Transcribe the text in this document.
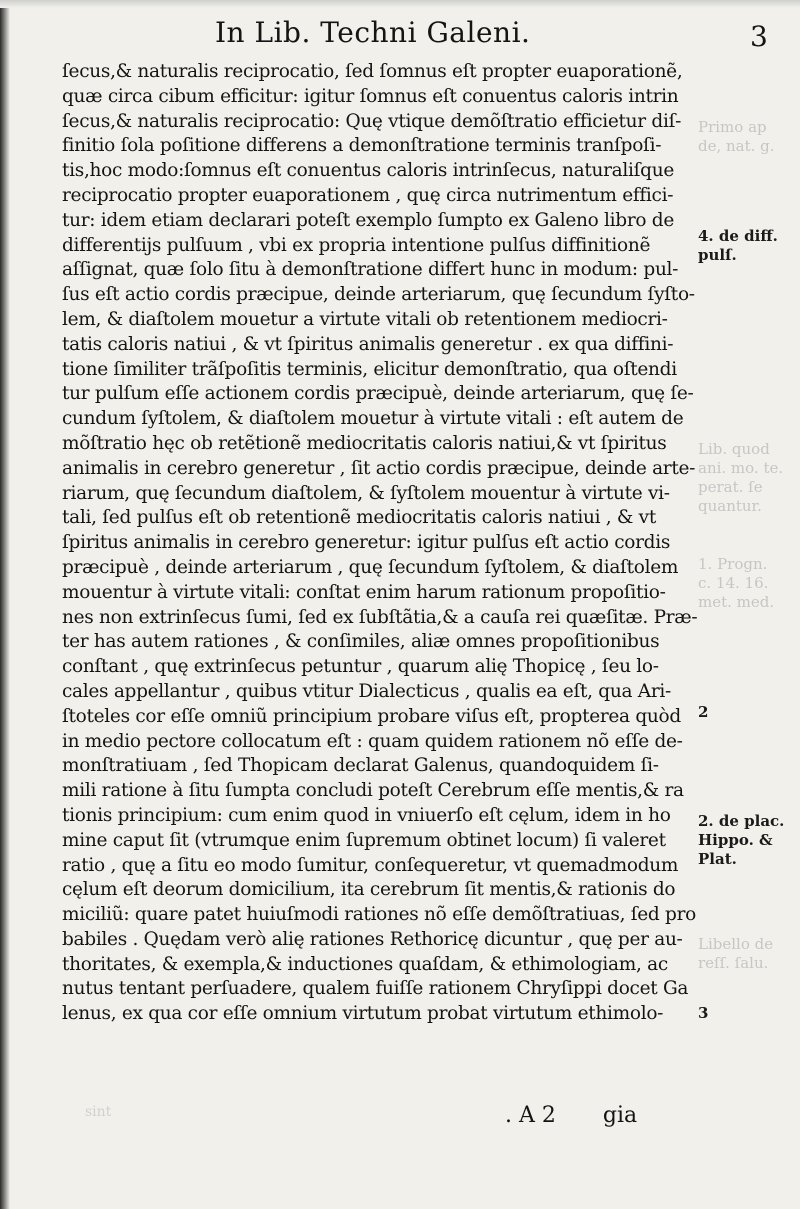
In Lib. Techni Galeni.	3
ſecus,& naturalis reciprocatio, ſed ſomnus eſt propter euaporationẽ,
quæ circa cibum efficitur: igitur ſomnus eſt conuentus caloris intrin
ſecus,& naturalis reciprocatio: Quę vtique demõſtratio efficietur diſ-
finitio ſola poſitione differens a demonſtratione terminis tranſpoſi-
tis,hoc modo:ſomnus eſt conuentus caloris intrinſecus, naturaliſque
reciprocatio propter euaporationem , quę circa nutrimentum effici-
tur: idem etiam declarari poteſt exemplo ſumpto ex Galeno libro de
differentijs pulſuum , vbi ex propria intentione pulſus diffinitionẽ
aſſignat, quæ ſolo ſitu à demonſtratione differt hunc in modum: pul-
ſus eſt actio cordis præcipue, deinde arteriarum, quę ſecundum ſyſto-
lem, & diaſtolem mouetur a virtute vitali ob retentionem mediocri-
tatis caloris natiui , & vt ſpiritus animalis generetur . ex qua diffini-
tione ſimiliter trãſpoſitis terminis, elicitur demonſtratio, qua oſtendi
tur pulſum eſſe actionem cordis præcipuè, deinde arteriarum, quę ſe-
cundum ſyſtolem, & diaſtolem mouetur à virtute vitali : eſt autem de
mõſtratio hęc ob retẽtionẽ mediocritatis caloris natiui,& vt ſpiritus
animalis in cerebro generetur , ſit actio cordis præcipue, deinde arte-
riarum, quę ſecundum diaſtolem, & ſyſtolem mouentur à virtute vi-
tali, ſed pulſus eſt ob retentionẽ mediocritatis caloris natiui , & vt
ſpiritus animalis in cerebro generetur: igitur pulſus eſt actio cordis
præcipuè , deinde arteriarum , quę ſecundum ſyſtolem, & diaſtolem
mouentur à virtute vitali: conſtat enim harum rationum propoſitio-
nes non extrinſecus ſumi, ſed ex ſubſtãtia,& a cauſa rei quæſitæ. Præ-
ter has autem rationes , & conſimiles, aliæ omnes propoſitionibus
conſtant , quę extrinſecus petuntur , quarum alię Thopicę , ſeu lo-
cales appellantur , quibus vtitur Dialecticus , qualis ea eſt, qua Ari-
ſtoteles cor eſſe omniũ principium probare viſus eſt, propterea quòd
in medio pectore collocatum eſt : quam quidem rationem nõ eſſe de-
monſtratiuam , ſed Thopicam declarat Galenus, quandoquidem ſi-
mili ratione à ſitu ſumpta concludi poteſt Cerebrum eſſe mentis,& ra
tionis principium: cum enim quod in vniuerſo eſt cęlum, idem in ho
mine caput ſit (vtrumque enim ſupremum obtinet locum) ſi valeret
ratio , quę a ſitu eo modo ſumitur, conſequeretur, vt quemadmodum
cęlum eſt deorum domicilium, ita cerebrum ſit mentis,& rationis do
miciliũ: quare patet huiuſmodi rationes nõ eſſe demõſtratiuas, ſed pro
babiles . Quędam verò alię rationes Rethoricę dicuntur , quę per au-
thoritates, & exempla,& inductiones quaſdam, & ethimologiam, ac
nutus tentant perſuadere, qualem fuiſſe rationem Chryſippi docet Ga
lenus, ex qua cor eſſe omnium virtutum probat virtutum ethimolo-
Primo ap
de, nat. g.
4. de diff.
pulſ.
Lib. quod
ani. mo. te.
perat. ſe
quantur.
1. Progn.
c. 14. 16.
met. med.
2
2. de plac.
Hippo. &
Plat.
Libello de
reſſ. ſalu.
3
sint	. A 2 gia
